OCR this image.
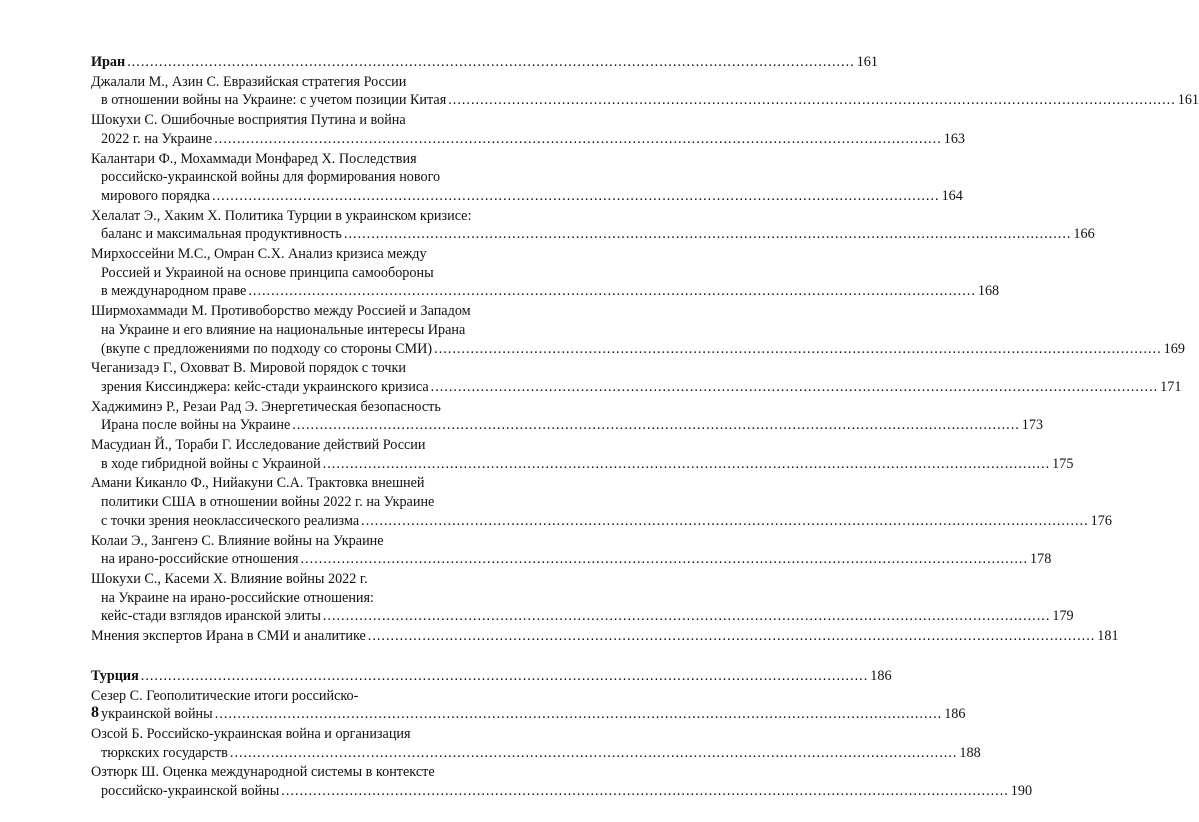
Иран .....	161
Джалали М., Азин С. Евразийская стратегия России
в отношении войны на Украине: с учетом позиции Китая .....	161
Шокухи С. Ошибочные восприятия Путина и война
2022 г. на Украине .....	163
Калантари Ф., Мохаммади Монфаред Х. Последствия
российско-украинской войны для формирования нового
мирового порядка .....	164
Хелалат Э., Хаким Х. Политика Турции в украинском кризисе:
баланс и максимальная продуктивность .....	166
Мирхоссейни М.С., Омран С.Х. Анализ кризиса между
Россией и Украиной на основе принципа самообороны
в международном праве .....	168
Ширмохаммади М. Противоборство между Россией и Западом
на Украине и его влияние на национальные интересы Ирана
(вкупе с предложениями по подходу со стороны СМИ) .....	169
Чеганизадэ Г., Оховват В. Мировой порядок с точки
зрения Киссинджера: кейс-стади украинского кризиса .....	171
Хаджиминэ Р., Резаи Рад Э. Энергетическая безопасность
Ирана после войны на Украине .....	173
Масудиан Й., Тораби Г. Исследование действий России
в ходе гибридной войны с Украиной .....	175
Амани Киканло Ф., Нийакуни С.А. Трактовка внешней
политики США в отношении войны 2022 г. на Украине
с точки зрения неоклассического реализма .....	176
Колаи Э., Зангенэ С. Влияние войны на Украине
на ирано-российские отношения .....	178
Шокухи С., Касеми Х. Влияние войны 2022 г.
на Украине на ирано-российские отношения:
кейс-стади взглядов иранской элиты .....	179
Мнения экспертов Ирана в СМИ и аналитике .....	181
Турция .....	186
Сезер С. Геополитические итоги российско-
украинской войны .....	186
Озсой Б. Российско-украинская война и организация
тюркских государств .....	188
Озтюрк Ш. Оценка международной системы в контексте
российско-украинской войны .....	190
8
